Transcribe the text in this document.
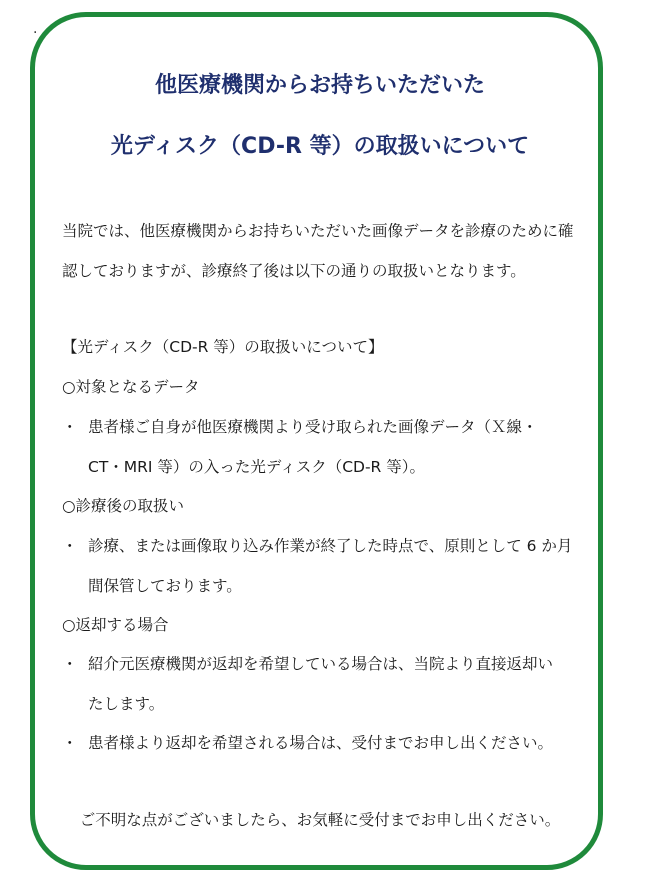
.
他医療機関からお持ちいただいた
光ディスク（CD-R 等）の取扱いについて
当院では、他医療機関からお持ちいただいた画像データを診療のために確
認しておりますが、診療終了後は以下の通りの取扱いとなります。
【光ディスク（CD-R 等）の取扱いについて】
○対象となるデータ
・ 患者様ご自身が他医療機関より受け取られた画像データ（Ｘ線・
CT・MRI 等）の入った光ディスク（CD-R 等）。
○診療後の取扱い
・ 診療、または画像取り込み作業が終了した時点で、原則として 6 か月
間保管しております。
○返却する場合
・ 紹介元医療機関が返却を希望している場合は、当院より直接返却い
たします。
・ 患者様より返却を希望される場合は、受付までお申し出ください。
ご不明な点がございましたら、お気軽に受付までお申し出ください。
